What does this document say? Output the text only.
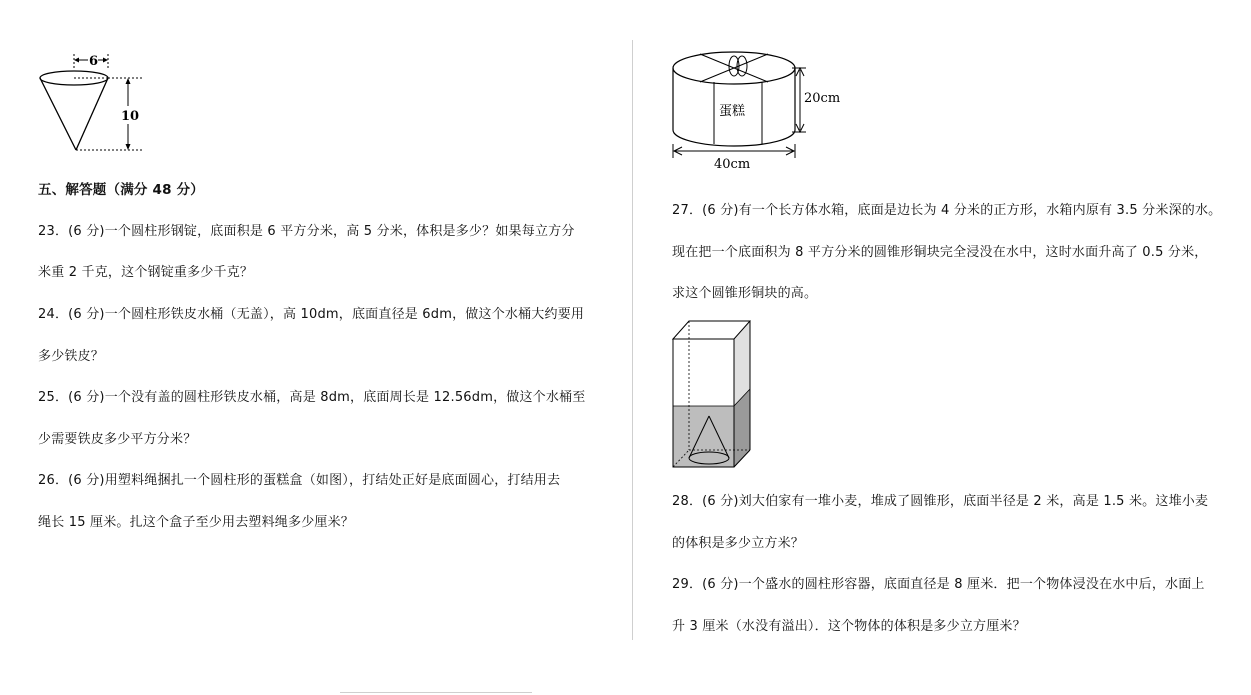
6
10
五、解答题（满分 48 分）
23．(6 分)一个圆柱形钢锭，底面积是 6 平方分米，高 5 分米，体积是多少？如果每立方分
米重 2 千克，这个钢锭重多少千克？
24．(6 分)一个圆柱形铁皮水桶（无盖），高 10dm，底面直径是 6dm，做这个水桶大约要用
多少铁皮？
25．(6 分)一个没有盖的圆柱形铁皮水桶，高是 8dm，底面周长是 12.56dm，做这个水桶至
少需要铁皮多少平方分米？
26．(6 分)用塑料绳捆扎一个圆柱形的蛋糕盒（如图），打结处正好是底面圆心，打结用去
绳长 15 厘米。扎这个盒子至少用去塑料绳多少厘米？
蛋糕
20cm
40cm
27．(6 分)有一个长方体水箱，底面是边长为 4 分米的正方形，水箱内原有 3.5 分米深的水。
现在把一个底面积为 8 平方分米的圆锥形铜块完全浸没在水中，这时水面升高了 0.5 分米，
求这个圆锥形铜块的高。
28．(6 分)刘大伯家有一堆小麦，堆成了圆锥形，底面半径是 2 米，高是 1.5 米。这堆小麦
的体积是多少立方米？
29．(6 分)一个盛水的圆柱形容器，底面直径是 8 厘米．把一个物体浸没在水中后，水面上
升 3 厘米（水没有溢出）．这个物体的体积是多少立方厘米？
